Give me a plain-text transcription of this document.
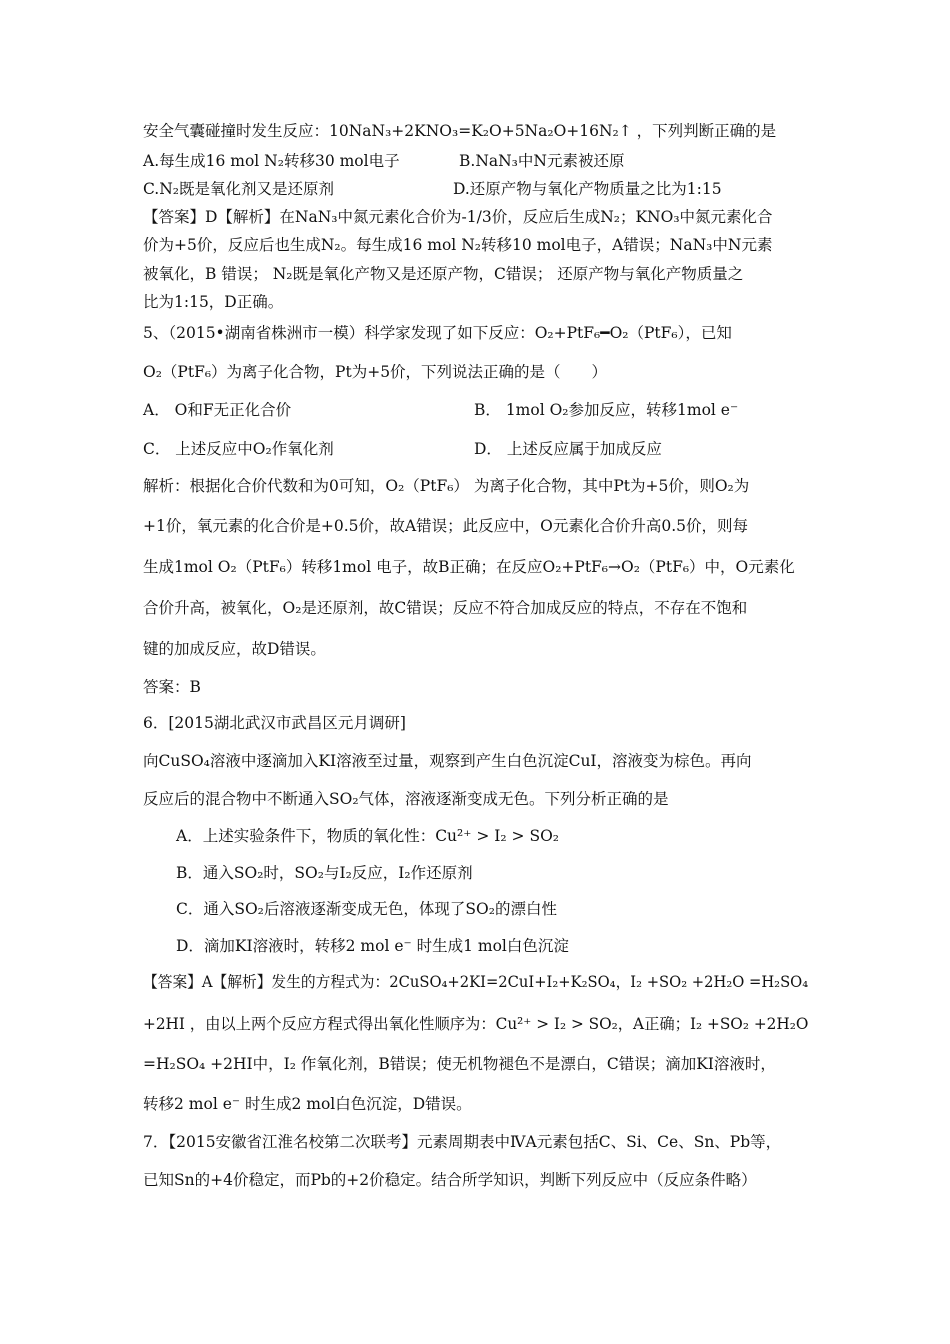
安全气囊碰撞时发生反应：10NaN₃+2KNO₃=K₂O+5Na₂O+16N₂↑ ，下列判断正确的是
A.每生成16 mol N₂转移30 mol电子	B.NaN₃中N元素被还原
C.N₂既是氧化剂又是还原剂	D.还原产物与氧化产物质量之比为1:15
【答案】D【解析】在NaN₃中氮元素化合价为-1/3价，反应后生成N₂；KNO₃中氮元素化合
价为+5价，反应后也生成N₂。每生成16 mol N₂转移10 mol电子，A错误；NaN₃中N元素
被氧化，B 错误； N₂既是氧化产物又是还原产物，C错误； 还原产物与氧化产物质量之
比为1:15，D正确。
5、（2015•湖南省株洲市一模）科学家发现了如下反应：O₂+PtF₆━O₂（PtF₆），已知
O₂（PtF₆）为离子化合物，Pt为+5价，下列说法正确的是（　　）
A． O和F无正化合价	B． 1mol O₂参加反应，转移1mol e⁻
C． 上述反应中O₂作氧化剂	D． 上述反应属于加成反应
解析：根据化合价代数和为0可知，O₂（PtF₆） 为离子化合物，其中Pt为+5价，则O₂为
+1价，氧元素的化合价是+0.5价，故A错误；此反应中，O元素化合价升高0.5价，则每
生成1mol O₂（PtF₆）转移1mol 电子，故B正确；在反应O₂+PtF₆→O₂（PtF₆）中，O元素化
合价升高，被氧化，O₂是还原剂，故C错误；反应不符合加成反应的特点，不存在不饱和
键的加成反应，故D错误。
答案：B
6．[2015湖北武汉市武昌区元月调研]
向CuSO₄溶液中逐滴加入KI溶液至过量，观察到产生白色沉淀CuI，溶液变为棕色。再向
反应后的混合物中不断通入SO₂气体，溶液逐渐变成无色。下列分析正确的是
A．上述实验条件下，物质的氧化性：Cu²⁺ > I₂ > SO₂
B．通入SO₂时，SO₂与I₂反应，I₂作还原剂
C．通入SO₂后溶液逐渐变成无色，体现了SO₂的漂白性
D．滴加KI溶液时，转移2 mol e⁻ 时生成1 mol白色沉淀
【答案】A【解析】发生的方程式为：2CuSO₄+2KI=2CuI+I₂+K₂SO₄，I₂ +SO₂ +2H₂O =H₂SO₄
+2HI ，由以上两个反应方程式得出氧化性顺序为：Cu²⁺ > I₂ > SO₂，A正确；I₂ +SO₂ +2H₂O
=H₂SO₄ +2HI中，I₂ 作氧化剂，B错误；使无机物褪色不是漂白，C错误；滴加KI溶液时，
转移2 mol e⁻ 时生成2 mol白色沉淀，D错误。
7．【2015安徽省江淮名校第二次联考】元素周期表中ⅣA元素包括C、Si、Ce、Sn、Pb等，
已知Sn的+4价稳定，而Pb的+2价稳定。结合所学知识，判断下列反应中（反应条件略）
